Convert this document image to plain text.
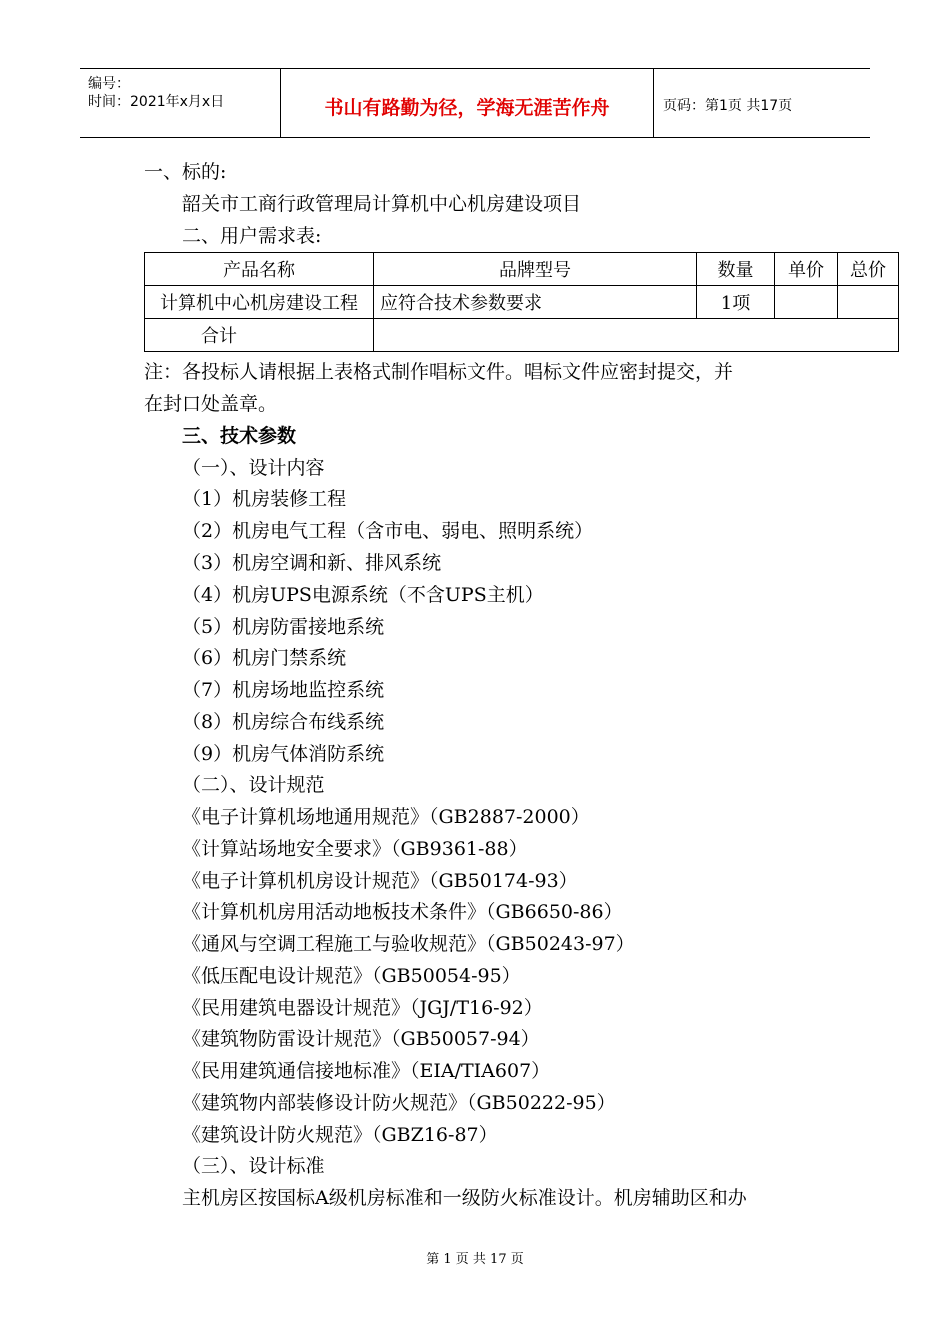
编号：
时间：2021年x月x日	书山有路勤为径，学海无涯苦作舟	页码：第1页 共17页
一、标的:
韶关市工商行政管理局计算机中心机房建设项目
二、用户需求表:
产品名称	品牌型号	数量	单价	总价
计算机中心机房建设工程	应符合技术参数要求	1项		
合计				
注：各投标人请根据上表格式制作唱标文件。唱标文件应密封提交，并
在封口处盖章。
三、技术参数
（一）、设计内容
（1）机房装修工程
（2）机房电气工程（含市电、弱电、照明系统）
（3）机房空调和新、排风系统
（4）机房UPS电源系统（不含UPS主机）
（5）机房防雷接地系统
（6）机房门禁系统
（7）机房场地监控系统
（8）机房综合布线系统
（9）机房气体消防系统
（二）、设计规范
《电子计算机场地通用规范》（GB2887-2000）
《计算站场地安全要求》（GB9361-88）
《电子计算机机房设计规范》（GB50174-93）
《计算机机房用活动地板技术条件》（GB6650-86）
《通风与空调工程施工与验收规范》（GB50243-97）
《低压配电设计规范》（GB50054-95）
《民用建筑电器设计规范》（JGJ/T16-92）
《建筑物防雷设计规范》（GB50057-94）
《民用建筑通信接地标准》（EIA/TIA607）
《建筑物内部装修设计防火规范》（GB50222-95）
《建筑设计防火规范》（GBZ16-87）
（三）、设计标准
主机房区按国标A级机房标准和一级防火标准设计。机房辅助区和办
第 1 页 共 17 页
